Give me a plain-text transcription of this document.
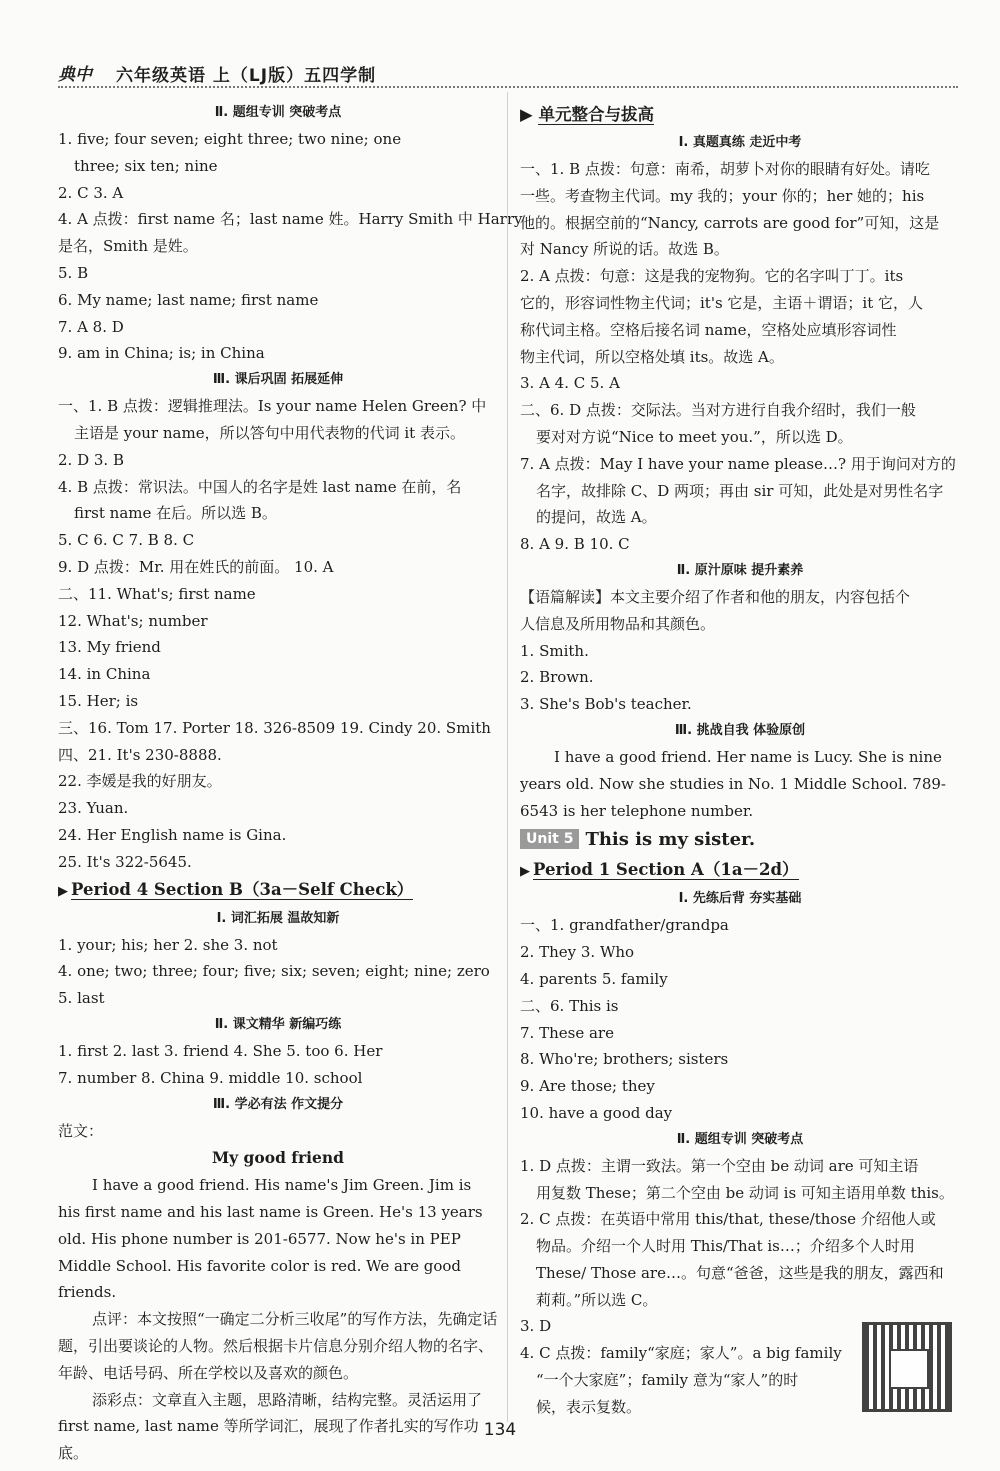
典中	六年级英语 上（LJ版）五四学制
Ⅱ. 题组专训 突破考点
1. five; four seven; eight three; two nine; one
three; six ten; nine
2. C 3. A
4. A 点拨：first name 名；last name 姓。Harry Smith 中 Harry
是名，Smith 是姓。
5. B
6. My name; last name; first name
7. A 8. D
9. am in China; is; in China
Ⅲ. 课后巩固 拓展延伸
一、1. B 点拨：逻辑推理法。Is your name Helen Green? 中
主语是 your name，所以答句中用代表物的代词 it 表示。
2. D 3. B
4. B 点拨：常识法。中国人的名字是姓 last name 在前，名
first name 在后。所以选 B。
5. C 6. C 7. B 8. C
9. D 点拨：Mr. 用在姓氏的前面。 10. A
二、11. What's; first name
12. What's; number
13. My friend
14. in China
15. Her; is
三、16. Tom 17. Porter 18. 326-8509 19. Cindy 20. Smith
四、21. It's 230-8888.
22. 李媛是我的好朋友。
23. Yuan.
24. Her English name is Gina.
25. It's 322-5645.
▶ Period 4 Section B（3a－Self Check）
Ⅰ. 词汇拓展 温故知新
1. your; his; her 2. she 3. not
4. one; two; three; four; five; six; seven; eight; nine; zero
5. last
Ⅱ. 课文精华 新编巧练
1. first 2. last 3. friend 4. She 5. too 6. Her
7. number 8. China 9. middle 10. school
Ⅲ. 学必有法 作文提分
范文：
My good friend
I have a good friend. His name's Jim Green. Jim is his first name and his last name is Green. He's 13 years old. His phone number is 201-6577. Now he's in PEP Middle School. His favorite color is red. We are good friends.
点评：本文按照“一确定二分析三收尾”的写作方法，先确定话题，引出要谈论的人物。然后根据卡片信息分别介绍人物的名字、年龄、电话号码、所在学校以及喜欢的颜色。
添彩点：文章直入主题，思路清晰，结构完整。灵活运用了 first name, last name 等所学词汇，展现了作者扎实的写作功底。
▶ 单元整合与拔高
Ⅰ. 真题真练 走近中考
一、1. B 点拨：句意：南希，胡萝卜对你的眼睛有好处。请吃
一些。考查物主代词。my 我的；your 你的；her 她的；his
他的。根据空前的“Nancy, carrots are good for”可知，这是
对 Nancy 所说的话。故选 B。
2. A 点拨：句意：这是我的宠物狗。它的名字叫丁丁。its
它的，形容词性物主代词；it's 它是，主语＋谓语；it 它，人
称代词主格。空格后接名词 name，空格处应填形容词性
物主代词，所以空格处填 its。故选 A。
3. A 4. C 5. A
二、6. D 点拨：交际法。当对方进行自我介绍时，我们一般
要对对方说“Nice to meet you.”，所以选 D。
7. A 点拨：May I have your name please…? 用于询问对方的
名字，故排除 C、D 两项；再由 sir 可知，此处是对男性名字
的提问，故选 A。
8. A 9. B 10. C
Ⅱ. 原汁原味 提升素养
【语篇解读】本文主要介绍了作者和他的朋友，内容包括个
人信息及所用物品和其颜色。
1. Smith.
2. Brown.
3. She's Bob's teacher.
Ⅲ. 挑战自我 体验原创
I have a good friend. Her name is Lucy. She is nine years old. Now she studies in No. 1 Middle School. 789-6543 is her telephone number.
Unit 5 This is my sister.
▶ Period 1 Section A（1a－2d）
Ⅰ. 先练后背 夯实基础
一、1. grandfather/grandpa
2. They 3. Who
4. parents 5. family
二、6. This is
7. These are
8. Who're; brothers; sisters
9. Are those; they
10. have a good day
Ⅱ. 题组专训 突破考点
1. D 点拨：主谓一致法。第一个空由 be 动词 are 可知主语
用复数 These；第二个空由 be 动词 is 可知主语用单数 this。
2. C 点拨：在英语中常用 this/that, these/those 介绍他人或
物品。介绍一个人时用 This/That is…；介绍多个人时用
These/ Those are…。句意“爸爸，这些是我的朋友，露西和
莉莉。”所以选 C。
3. D
4. C 点拨：family“家庭；家人”。a big family
“一个大家庭”；family 意为“家人”的时
候，表示复数。
134
